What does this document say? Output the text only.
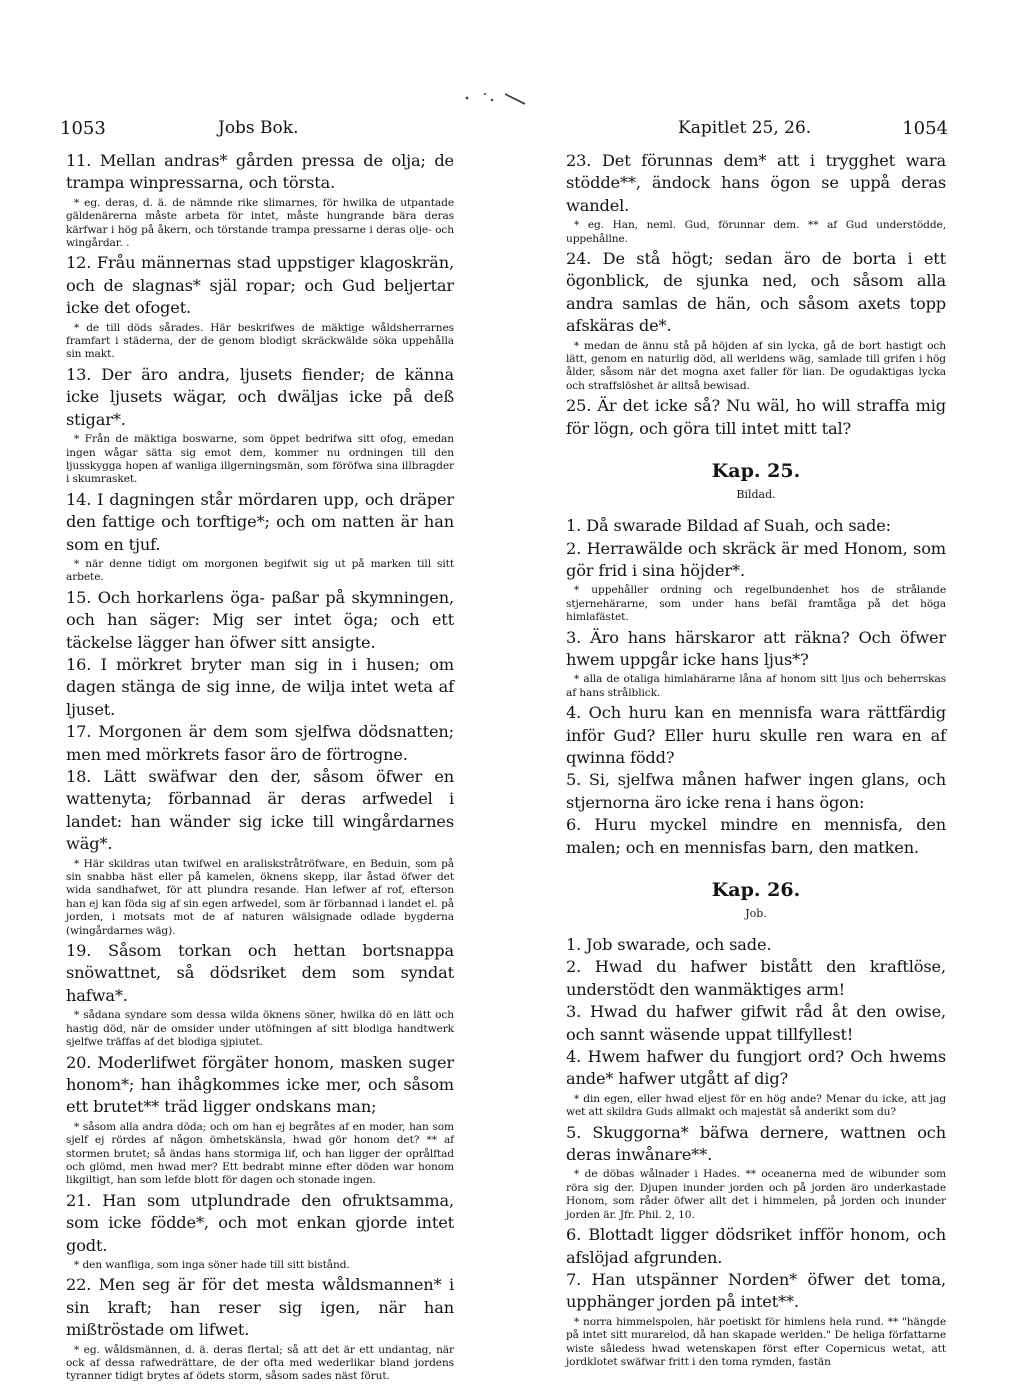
1053	Jobs Bok.	Kapitlet 25, 26.	1054

11. Mellan andras* gården pressa de olja; de trampa winpressarna, och törsta.

* eg. deras, d. ä. de nämnde rike slimarnes, för hwilka de utpantade gäldenärerna måste arbeta för intet, måste hungrande bära deras kärfwar i hög på åkern, och törstande trampa pressarne i deras olje- och wingårdar. .

12. Fråu männernas stad uppstiger klagoskrän, och de slagnas* själ ropar; och Gud beljertar icke det ofoget.

* de till döds sårades. Här beskrifwes de mäktige wåldsherrarnes framfart i städerna, der de genom blodigt skräckwälde söka uppehålla sin makt.

13. Der äro andra, ljusets fiender; de känna icke ljusets wägar, och dwäljas icke på deß stigar*.

* Från de mäktiga boswarne, som öppet bedrifwa sitt ofog, emedan ingen wågar sätta sig emot dem, kommer nu ordningen till den ljusskygga hopen af wanliga illgerningsmän, som föröfwa sina illbragder i skumrasket.

14. I dagningen står mördaren upp, och dräper den fattige och torftige*; och om natten är han som en tjuf.

* när denne tidigt om morgonen begifwit sig ut på marken till sitt arbete.

15. Och horkarlens öga- paßar på skymningen, och han säger: Mig ser intet öga; och ett täckelse lägger han öfwer sitt ansigte.

16. I mörkret bryter man sig in i husen; om dagen stänga de sig inne, de wilja intet weta af ljuset.

17. Morgonen är dem som sjelfwa dödsnatten; men med mörkrets fasor äro de förtrogne.

18. Lätt swäfwar den der, såsom öfwer en wattenyta; förbannad är deras arfwedel i landet: han wänder sig icke till wingårdarnes wäg*.

* Här skildras utan twifwel en araliskstråtröfware, en Beduin, som på sin snabba häst eller på kamelen, öknens skepp, ilar åstad öfwer det wida sandhafwet, för att plundra resande. Han lefwer af rof, efterson han ej kan föda sig af sin egen arfwedel, som är förbannad i landet el. på jorden, i motsats mot de af naturen wälsignade odlade bygderna (wingårdarnes wäg).

19. Såsom torkan och hettan bortsnappa snöwattnet, så dödsriket dem som syndat hafwa*.

* sådana syndare som dessa wilda öknens söner, hwilka dö en lätt och hastig död, när de omsider under utöfningen af sitt blodiga handtwerk sjelfwe träffas af det blodiga sjpiutet.

20. Moderlifwet förgäter honom, masken suger honom*; han ihågkommes icke mer, och såsom ett brutet** träd ligger ondskans man;

* såsom alla andra döda; och om han ej begråtes af en moder, han som sjelf ej rördes af någon ömhetskänsla, hwad gör honom det? ** af stormen brutet; så ändas hans stormiga lif, och han ligger der oprålftad och glömd, men hwad mer? Ett bedrabt minne efter döden war honom likgiltigt, han som lefde blott för dagen och stonade ingen.

21. Han som utplundrade den ofruktsamma, som icke födde*, och mot enkan gjorde intet godt.

* den wanfliga, som inga söner hade till sitt bistånd.

22. Men seg är för det mesta wåldsmannen* i sin kraft; han reser sig igen, när han mißtröstade om lifwet.

* eg. wåldsmännen, d. ä. deras flertal; så att det är ett undantag, när ock af dessa rafwedrättare, de der ofta med wederlikar bland jordens tyranner tidigt brytes af ödets storm, såsom sades näst förut.

23. Det förunnas dem* att i trygghet wara stödde**, ändock hans ögon se uppå deras wandel.

* eg. Han, neml. Gud, förunnar dem. ** af Gud understödde, uppehållne.

24. De stå högt; sedan äro de borta i ett ögonblick, de sjunka ned, och såsom alla andra samlas de hän, och såsom axets topp afskäras de*.

* medan de ännu stå på höjden af sin lycka, gå de bort hastigt och lätt, genom en naturlig död, all werldens wäg, samlade till grifen i hög ålder, såsom när det mogna axet faller för lian. De ogudaktigas lycka och straffslöshet är alltså bewisad.

25. Är det icke så? Nu wäl, ho will straffa mig för lögn, och göra till intet mitt tal?

Kap. 25.
Bildad.

1. Då swarade Bildad af Suah, och sade:

2. Herrawälde och skräck är med Honom, som gör frid i sina höjder*.

* uppehåller ordning och regelbundenhet hos de strålande stjernehärarne, som under hans befäl framtåga på det höga himlafästet.

3. Äro hans härskaror att räkna? Och öfwer hwem uppgår icke hans ljus*?

* alla de otaliga himlahärarne låna af honom sitt ljus och beherrskas af hans strålblick.

4. Och huru kan en mennisfa wara rättfärdig inför Gud? Eller huru skulle ren wara en af qwinna född?

5. Si, sjelfwa månen hafwer ingen glans, och stjernorna äro icke rena i hans ögon:

6. Huru myckel mindre en mennisfa, den malen; och en mennisfas barn, den matken.

Kap. 26.
Job.

1. Job swarade, och sade.

2. Hwad du hafwer bistått den kraftlöse, understödt den wanmäktiges arm!

3. Hwad du hafwer gifwit råd åt den owise, och sannt wäsende uppat tillfyllest!

4. Hwem hafwer du fungjort ord? Och hwems ande* hafwer utgått af dig?

* din egen, eller hwad eljest för en hög ande? Menar du icke, att jag wet att skildra Guds allmakt och majestät så anderikt som du?

5. Skuggorna* bäfwa dernere, wattnen och deras inwånare**.

* de döbas wålnader i Hades. ** oceanerna med de wibunder som röra sig der. Djupen inunder jorden och på jorden äro underkastade Honom, som råder öfwer allt det i himmelen, på jorden och inunder jorden är. Jfr. Phil. 2, 10.

6. Blottadt ligger dödsriket infför honom, och afslöjad afgrunden.

7. Han utspänner Norden* öfwer det toma, upphänger jorden på intet**.

* norra himmelspolen, här poetiskt för himlens hela rund. ** "hängde på intet sitt murarelod, då han skapade werlden." De heliga författarne wiste såledess hwad wetenskapen först efter Copernicus wetat, att jordklotet swäfwar fritt i den toma rymden, fastän
